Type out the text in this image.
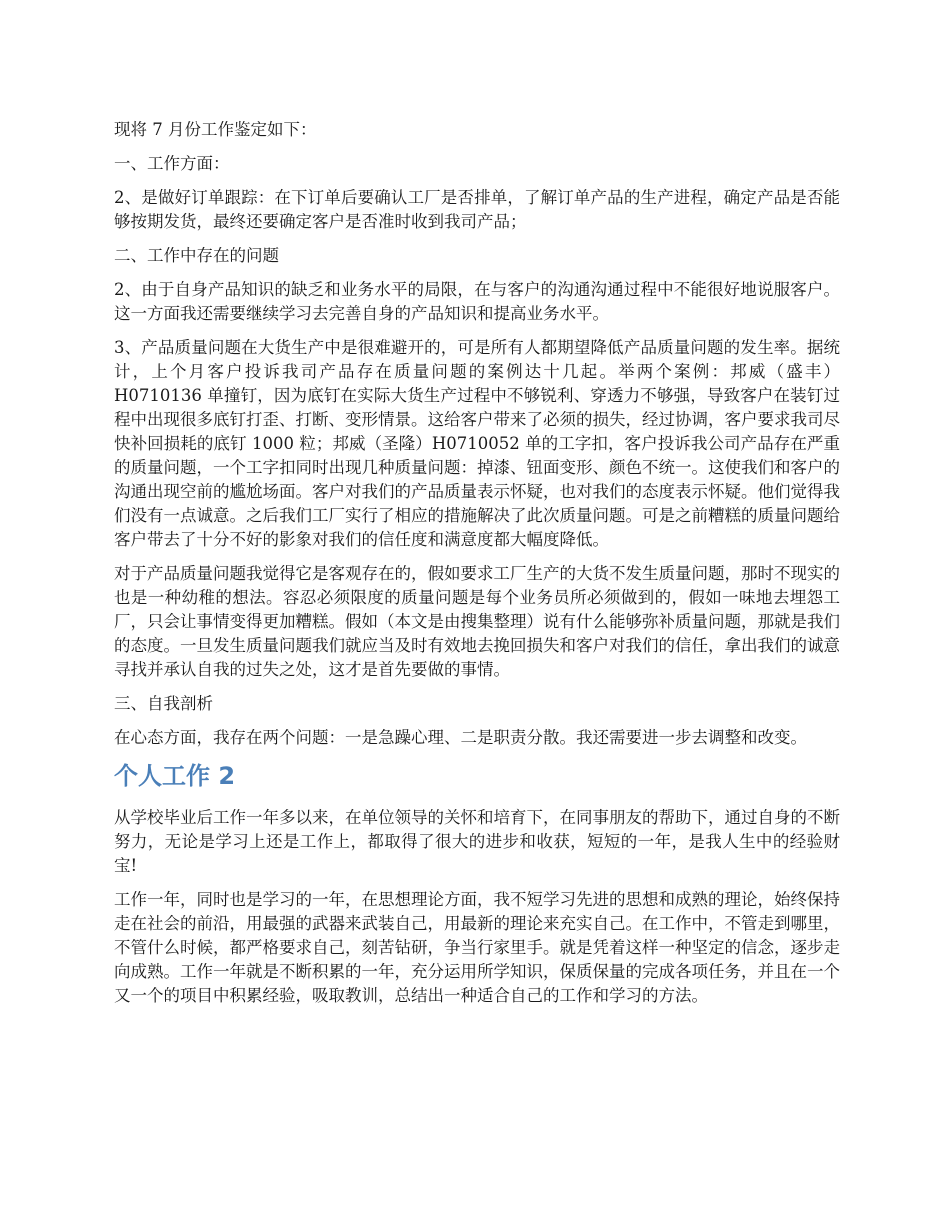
现将 7 月份工作鉴定如下：

一、工作方面：

2、是做好订单跟踪：在下订单后要确认工厂是否排单，了解订单产品的生产进程，确定产品是否能够按期发货，最终还要确定客户是否准时收到我司产品；

二、工作中存在的问题

2、由于自身产品知识的缺乏和业务水平的局限，在与客户的沟通沟通过程中不能很好地说服客户。这一方面我还需要继续学习去完善自身的产品知识和提高业务水平。

3、产品质量问题在大货生产中是很难避开的，可是所有人都期望降低产品质量问题的发生率。据统计，上个月客户投诉我司产品存在质量问题的案例达十几起。举两个案例：邦威（盛丰）H0710136 单撞钉，因为底钉在实际大货生产过程中不够锐利、穿透力不够强，导致客户在装钉过程中出现很多底钉打歪、打断、变形情景。这给客户带来了必须的损失，经过协调，客户要求我司尽快补回损耗的底钉 1000 粒；邦威（圣隆）H0710052 单的工字扣，客户投诉我公司产品存在严重的质量问题，一个工字扣同时出现几种质量问题：掉漆、钮面变形、颜色不统一。这使我们和客户的沟通出现空前的尴尬场面。客户对我们的产品质量表示怀疑，也对我们的态度表示怀疑。他们觉得我们没有一点诚意。之后我们工厂实行了相应的措施解决了此次质量问题。可是之前糟糕的质量问题给客户带去了十分不好的影象对我们的信任度和满意度都大幅度降低。

对于产品质量问题我觉得它是客观存在的，假如要求工厂生产的大货不发生质量问题，那时不现实的也是一种幼稚的想法。容忍必须限度的质量问题是每个业务员所必须做到的，假如一味地去埋怨工厂，只会让事情变得更加糟糕。假如（本文是由搜集整理）说有什么能够弥补质量问题，那就是我们的态度。一旦发生质量问题我们就应当及时有效地去挽回损失和客户对我们的信任，拿出我们的诚意寻找并承认自我的过失之处，这才是首先要做的事情。

三、自我剖析

在心态方面，我存在两个问题：一是急躁心理、二是职责分散。我还需要进一步去调整和改变。

个人工作 2

从学校毕业后工作一年多以来，在单位领导的关怀和培育下，在同事朋友的帮助下，通过自身的不断努力，无论是学习上还是工作上，都取得了很大的进步和收获，短短的一年，是我人生中的经验财宝!

工作一年，同时也是学习的一年，在思想理论方面，我不短学习先进的思想和成熟的理论，始终保持走在社会的前沿，用最强的武器来武装自己，用最新的理论来充实自己。在工作中，不管走到哪里，不管什么时候，都严格要求自己，刻苦钻研，争当行家里手。就是凭着这样一种坚定的信念，逐步走向成熟。工作一年就是不断积累的一年，充分运用所学知识，保质保量的完成各项任务，并且在一个又一个的项目中积累经验，吸取教训，总结出一种适合自己的工作和学习的方法。
